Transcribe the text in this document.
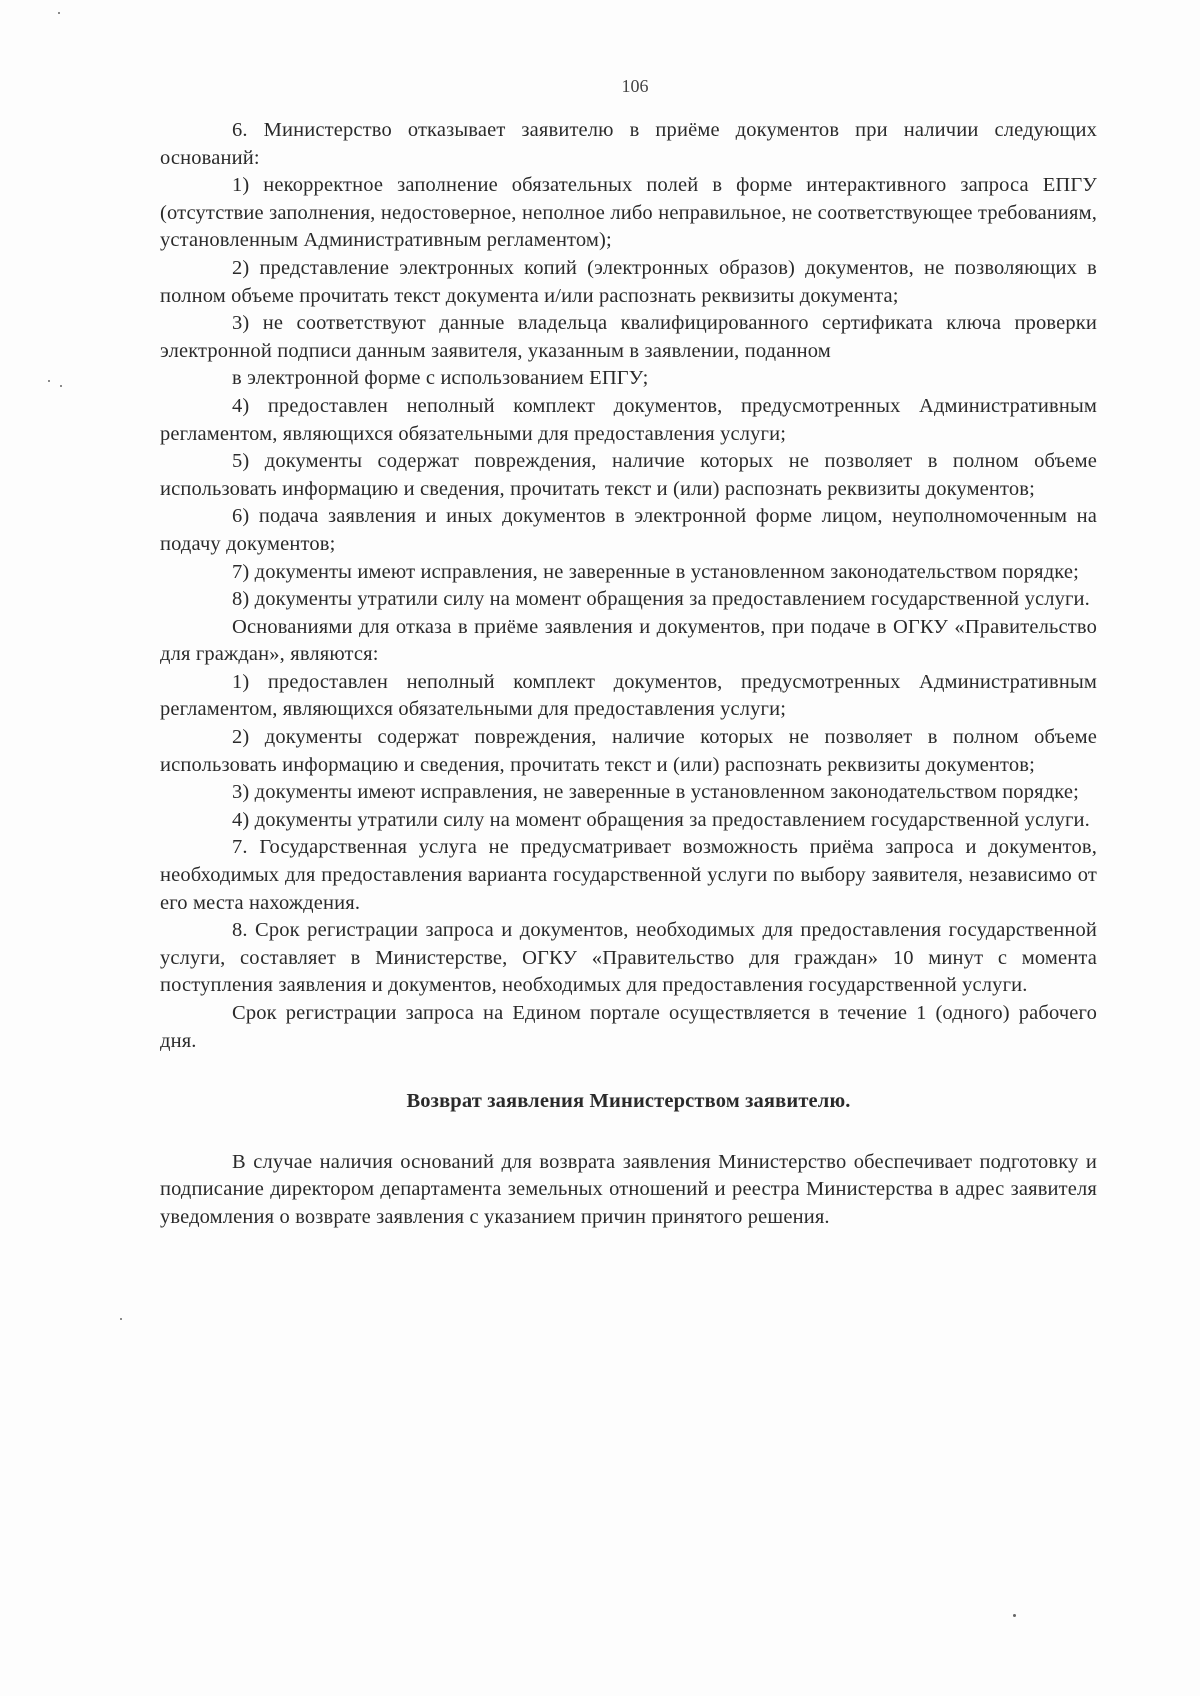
106

6. Министерство отказывает заявителю в приёме документов при наличии следующих оснований:

1) некорректное заполнение обязательных полей в форме интерактивного запроса ЕПГУ (отсутствие заполнения, недостоверное, неполное либо неправильное, не соответствующее требованиям, установленным Административным регламентом);

2) представление электронных копий (электронных образов) документов, не позволяющих в полном объеме прочитать текст документа и/или распознать реквизиты документа;

3) не соответствуют данные владельца квалифицированного сертификата ключа проверки электронной подписи данным заявителя, указанным в заявлении, поданном

в электронной форме с использованием ЕПГУ;

4) предоставлен неполный комплект документов, предусмотренных Административным регламентом, являющихся обязательными для предоставления услуги;

5) документы содержат повреждения, наличие которых не позволяет в полном объеме использовать информацию и сведения, прочитать текст и (или) распознать реквизиты документов;

6) подача заявления и иных документов в электронной форме лицом, неуполномоченным на подачу документов;

7) документы имеют исправления, не заверенные в установленном законодательством порядке;

8) документы утратили силу на момент обращения за предоставлением государственной услуги.

Основаниями для отказа в приёме заявления и документов, при подаче в ОГКУ «Правительство для граждан», являются:

1) предоставлен неполный комплект документов, предусмотренных Административным регламентом, являющихся обязательными для предоставления услуги;

2) документы содержат повреждения, наличие которых не позволяет в полном объеме использовать информацию и сведения, прочитать текст и (или) распознать реквизиты документов;

3) документы имеют исправления, не заверенные в установленном законодательством порядке;

4) документы утратили силу на момент обращения за предоставлением государственной услуги.

7. Государственная услуга не предусматривает возможность приёма запроса и документов, необходимых для предоставления варианта государственной услуги по выбору заявителя, независимо от его места нахождения.

8. Срок регистрации запроса и документов, необходимых для предоставления государственной услуги, составляет в Министерстве, ОГКУ «Правительство для граждан» 10 минут с момента поступления заявления и документов, необходимых для предоставления государственной услуги.

Срок регистрации запроса на Едином портале осуществляется в течение 1 (одного) рабочего дня.

Возврат заявления Министерством заявителю.

В случае наличия оснований для возврата заявления Министерство обеспечивает подготовку и подписание директором департамента земельных отношений и реестра Министерства в адрес заявителя уведомления о возврате заявления с указанием причин принятого решения.
